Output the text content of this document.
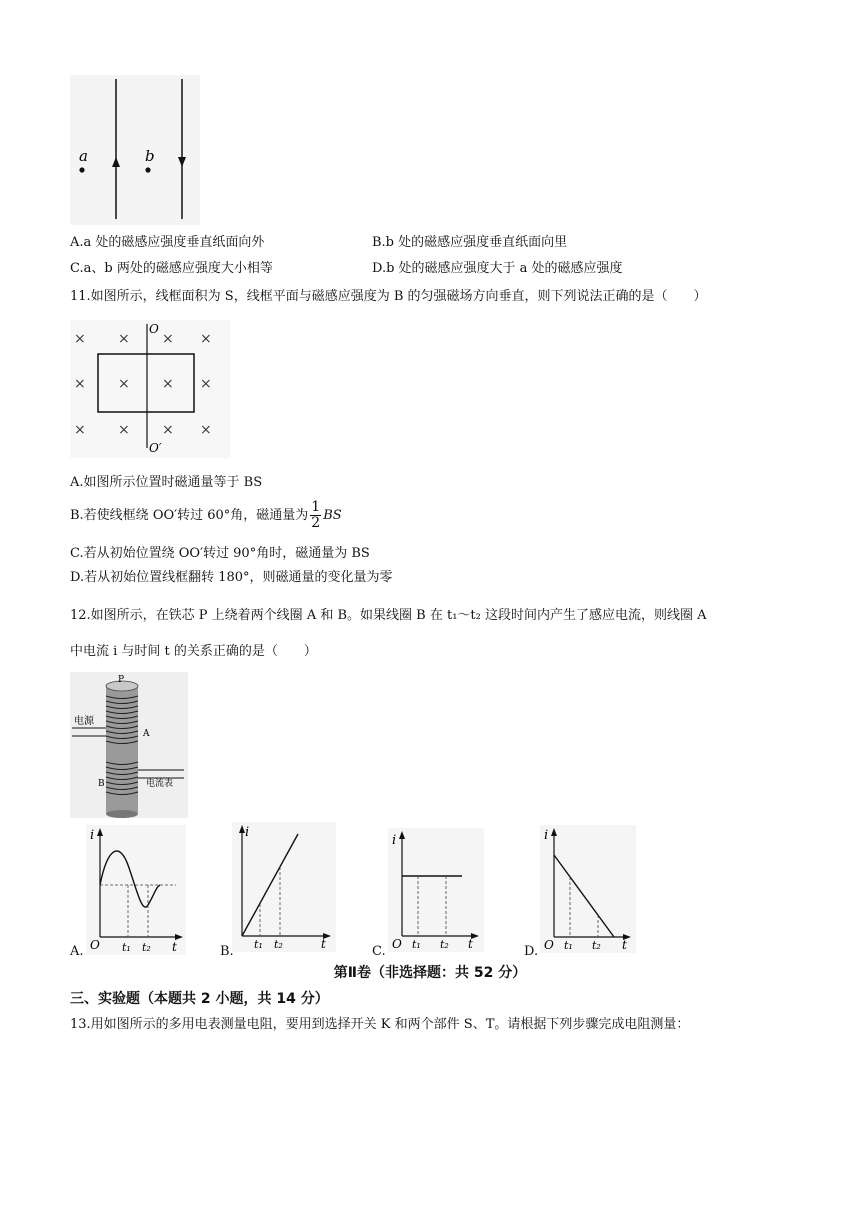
a	b
A.a 处的磁感应强度垂直纸面向外	B.b 处的磁感应强度垂直纸面向里
C.a、b 两处的磁感应强度大小相等	D.b 处的磁感应强度大于 a 处的磁感应强度
11.如图所示，线框面积为 S，线框平面与磁感应强度为 B 的匀强磁场方向垂直，则下列说法正确的是（　　）
× × × ×
× × × ×
× × × ×
O
O′
A.如图所示位置时磁通量等于 BS
B.若使线框绕 OO′转过 60°角，磁通量为 $\frac{1}{2}$ BS
C.若从初始位置绕 OO′转过 90°角时，磁通量为 BS
D.若从初始位置线框翻转 180°，则磁通量的变化量为零
12.如图所示，在铁芯 P 上绕着两个线圈 A 和 B。如果线圈 B 在 t₁～t₂ 这段时间内产生了感应电流，则线圈 A
中电流 i 与时间 t 的关系正确的是（　　）
P
电源
A
B	电流表
i
O t₁ t₂ t
A.
i
t₁ t₂	t
B.
i
O t₁ t₂ t
C.
i
O t₁ t₂ t
D.
第Ⅱ卷（非选择题：共 52 分）
三、实验题（本题共 2 小题，共 14 分）
13.用如图所示的多用电表测量电阻，要用到选择开关 K 和两个部件 S、T。请根据下列步骤完成电阻测量：
